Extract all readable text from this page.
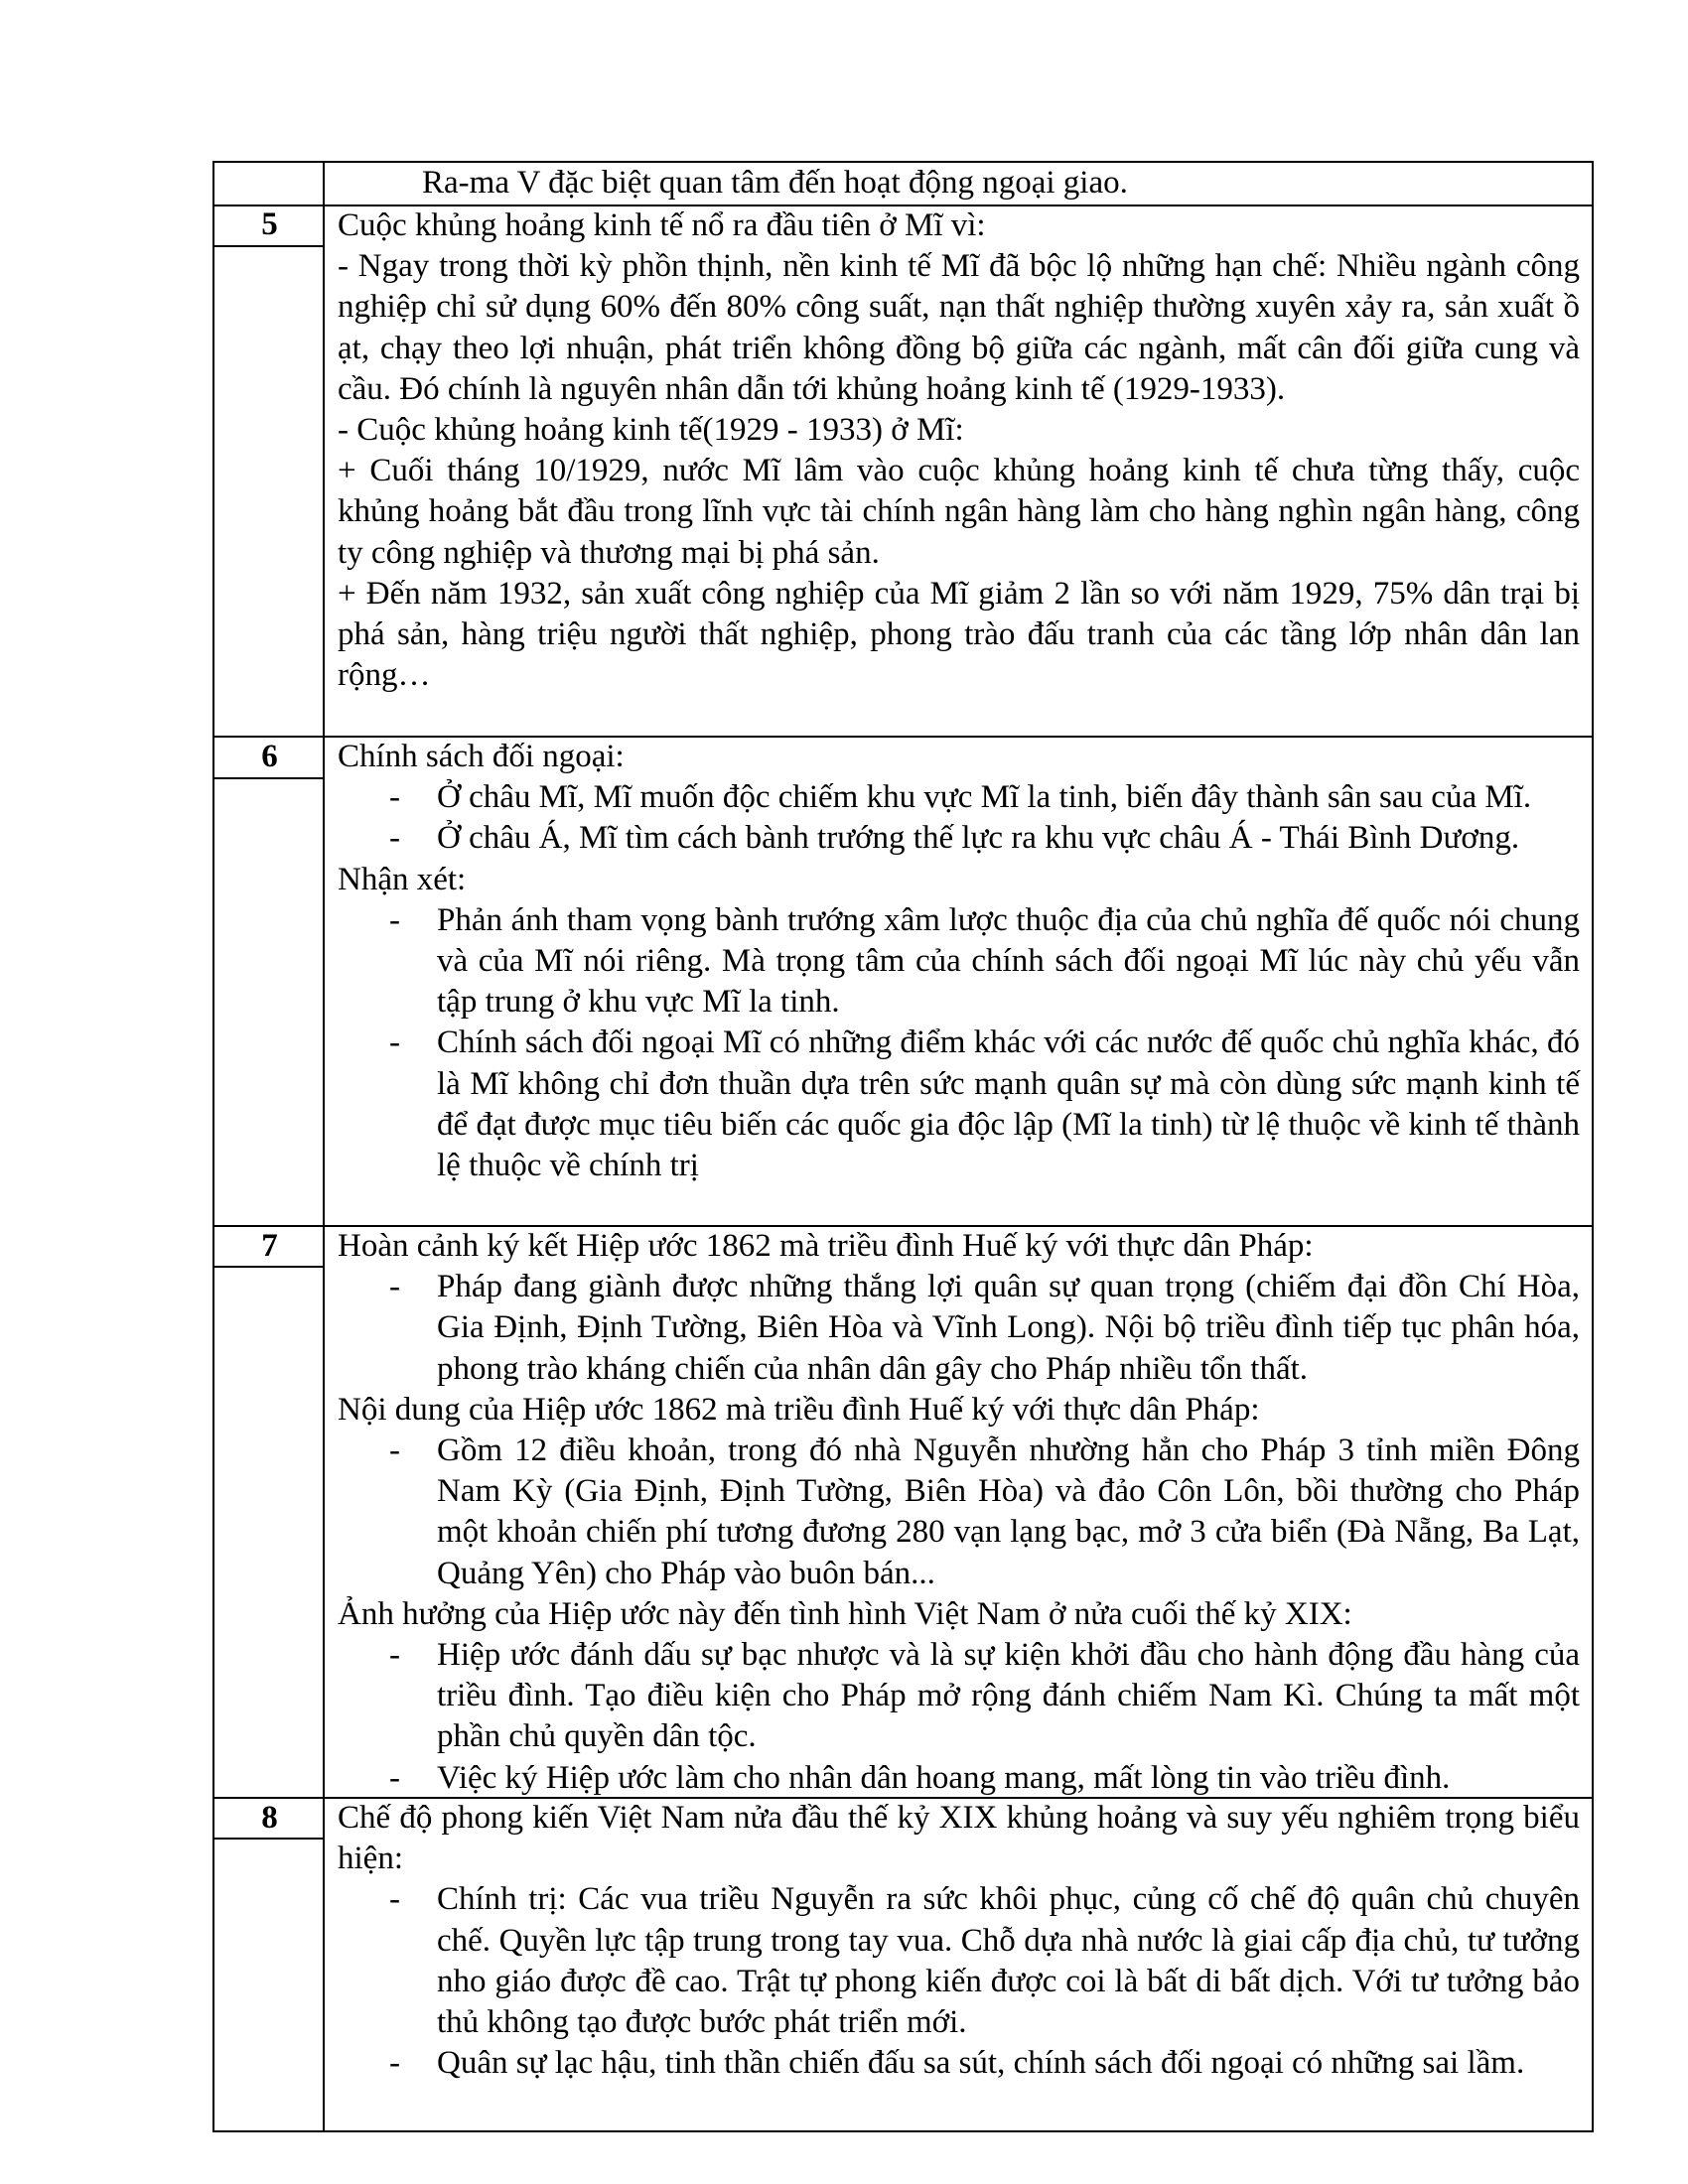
Ra-ma V đặc biệt quan tâm đến hoạt động ngoại giao.

5	Cuộc khủng hoảng kinh tế nổ ra đầu tiên ở Mĩ vì:

- Ngay trong thời kỳ phồn thịnh, nền kinh tế Mĩ đã bộc lộ những hạn chế: Nhiều ngành công nghiệp chỉ sử dụng 60% đến 80% công suất, nạn thất nghiệp thường xuyên xảy ra, sản xuất ồ ạt, chạy theo lợi nhuận, phát triển không đồng bộ giữa các ngành, mất cân đối giữa cung và cầu. Đó chính là nguyên nhân dẫn tới khủng hoảng kinh tế (1929-1933).

- Cuộc khủng hoảng kinh tế(1929 - 1933) ở Mĩ:

+ Cuối tháng 10/1929, nước Mĩ lâm vào cuộc khủng hoảng kinh tế chưa từng thấy, cuộc khủng hoảng bắt đầu trong lĩnh vực tài chính ngân hàng làm cho hàng nghìn ngân hàng, công ty công nghiệp và thương mại bị phá sản.

+ Đến năm 1932, sản xuất công nghiệp của Mĩ giảm 2 lần so với năm 1929, 75% dân trại bị phá sản, hàng triệu người thất nghiệp, phong trào đấu tranh của các tầng lớp nhân dân lan rộng…

6	Chính sách đối ngoại:

- Ở châu Mĩ, Mĩ muốn độc chiếm khu vực Mĩ la tinh, biến đây thành sân sau của Mĩ.
- Ở châu Á, Mĩ tìm cách bành trướng thế lực ra khu vực châu Á - Thái Bình Dương.

Nhận xét:

- Phản ánh tham vọng bành trướng xâm lược thuộc địa của chủ nghĩa đế quốc nói chung và của Mĩ nói riêng. Mà trọng tâm của chính sách đối ngoại Mĩ lúc này chủ yếu vẫn tập trung ở khu vực Mĩ la tinh.
- Chính sách đối ngoại Mĩ có những điểm khác với các nước đế quốc chủ nghĩa khác, đó là Mĩ không chỉ đơn thuần dựa trên sức mạnh quân sự mà còn dùng sức mạnh kinh tế để đạt được mục tiêu biến các quốc gia độc lập (Mĩ la tinh) từ lệ thuộc về kinh tế thành lệ thuộc về chính trị
7	Hoàn cảnh ký kết Hiệp ước 1862 mà triều đình Huế ký với thực dân Pháp:

- Pháp đang giành được những thắng lợi quân sự quan trọng (chiếm đại đồn Chí Hòa, Gia Định, Định Tường, Biên Hòa và Vĩnh Long). Nội bộ triều đình tiếp tục phân hóa, phong trào kháng chiến của nhân dân gây cho Pháp nhiều tổn thất.

Nội dung của Hiệp ước 1862 mà triều đình Huế ký với thực dân Pháp:

- Gồm 12 điều khoản, trong đó nhà Nguyễn nhường hẳn cho Pháp 3 tỉnh miền Đông Nam Kỳ (Gia Định, Định Tường, Biên Hòa) và đảo Côn Lôn, bồi thường cho Pháp một khoản chiến phí tương đương 280 vạn lạng bạc, mở 3 cửa biển (Đà Nẵng, Ba Lạt, Quảng Yên) cho Pháp vào buôn bán...

Ảnh hưởng của Hiệp ước này đến tình hình Việt Nam ở nửa cuối thế kỷ XIX:

- Hiệp ước đánh dấu sự bạc nhược và là sự kiện khởi đầu cho hành động đầu hàng của triều đình. Tạo điều kiện cho Pháp mở rộng đánh chiếm Nam Kì. Chúng ta mất một phần chủ quyền dân tộc.
- Việc ký Hiệp ước làm cho nhân dân hoang mang, mất lòng tin vào triều đình.
8	Chế độ phong kiến Việt Nam nửa đầu thế kỷ XIX khủng hoảng và suy yếu nghiêm trọng biểu hiện:

- Chính trị: Các vua triều Nguyễn ra sức khôi phục, củng cố chế độ quân chủ chuyên chế. Quyền lực tập trung trong tay vua. Chỗ dựa nhà nước là giai cấp địa chủ, tư tưởng nho giáo được đề cao. Trật tự phong kiến được coi là bất di bất dịch. Với tư tưởng bảo thủ không tạo được bước phát triển mới.
- Quân sự lạc hậu, tinh thần chiến đấu sa sút, chính sách đối ngoại có những sai lầm.
